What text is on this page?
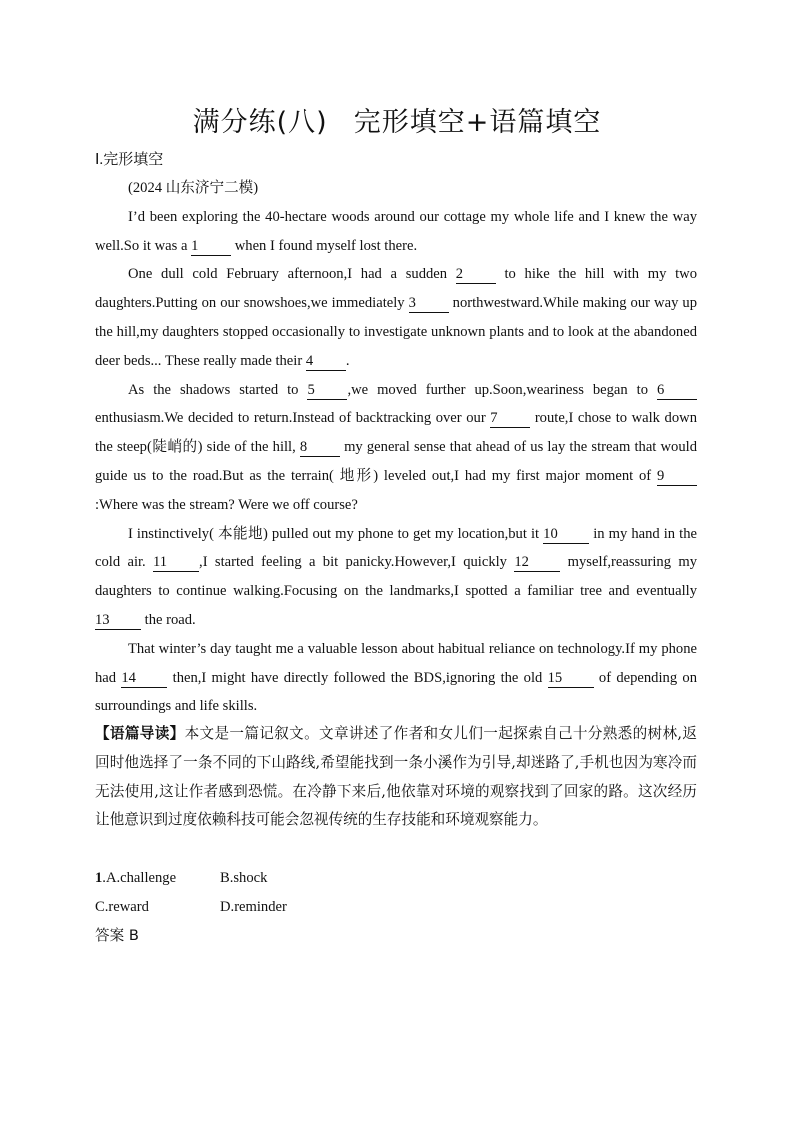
满分练(八) 完形填空+语篇填空
Ⅰ.完形填空

(2024 山东济宁二模)

I’d been exploring the 40-hectare woods around our cottage my whole life and I knew the way well.So it was a 1 when I found myself lost there.

One dull cold February afternoon,I had a sudden 2 to hike the hill with my two daughters.Putting on our snowshoes,we immediately 3 northwestward.While making our way up the hill,my daughters stopped occasionally to investigate unknown plants and to look at the abandoned deer beds... These really made their 4 .

As the shadows started to 5 ,we moved further up.Soon,weariness began to 6 enthusiasm.We decided to return.Instead of backtracking over our 7 route,I chose to walk down the steep(陡峭的) side of the hill, 8 my general sense that ahead of us lay the stream that would guide us to the road.But as the terrain( 地形) leveled out,I had my first major moment of 9:Where was the stream? Were we off course?

I instinctively( 本能地) pulled out my phone to get my location,but it 10 in my hand in the cold air. 11 ,I started feeling a bit panicky.However,I quickly 12 myself,reassuring my daughters to continue walking.Focusing on the landmarks,I spotted a familiar tree and eventually 13 the road.

That winter’s day taught me a valuable lesson about habitual reliance on technology.If my phone had 14 then,I might have directly followed the BDS,ignoring the old 15 of depending on surroundings and life skills.

【语篇导读】本文是一篇记叙文。文章讲述了作者和女儿们一起探索自己十分熟悉的树林,返回时他选择了一条不同的下山路线,希望能找到一条小溪作为引导,却迷路了,手机也因为寒冷而无法使用,这让作者感到恐慌。在冷静下来后,他依靠对环境的观察找到了回家的路。这次经历让他意识到过度依赖科技可能会忽视传统的生存技能和环境观察能力。
1.A.challenge	B.shock
C.reward	D.reminder
答案 B
